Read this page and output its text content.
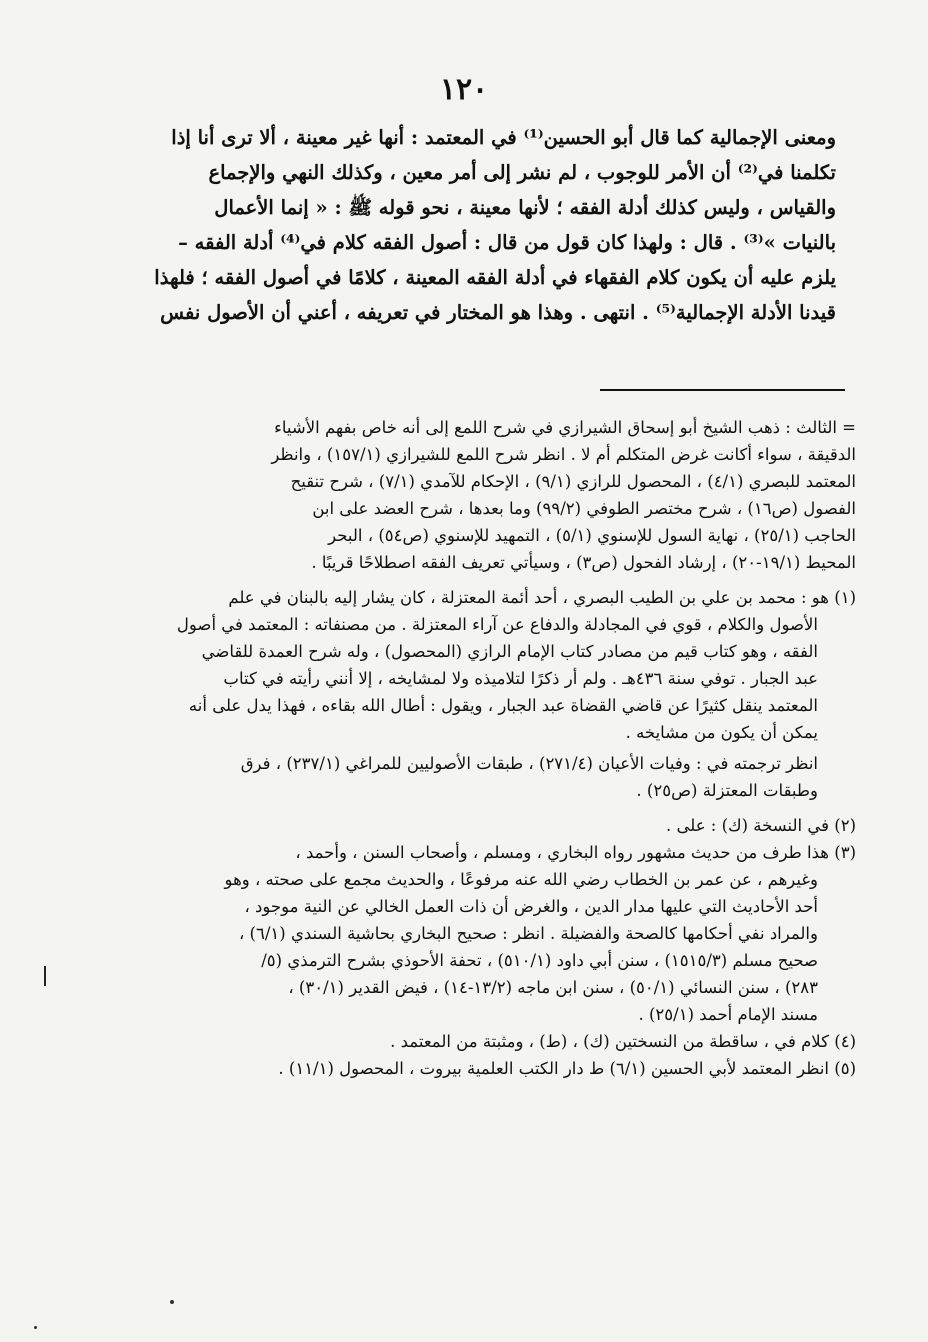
١٢٠
ومعنى الإجمالية كما قال أبو الحسين⁽¹⁾ في المعتمد : أنها غير معينة ، ألا ترى أنا إذا
تكلمنا في⁽²⁾ أن الأمر للوجوب ، لم نشر إلى أمر معين ، وكذلك النهي والإجماع
والقياس ، وليس كذلك أدلة الفقه ؛ لأنها معينة ، نحو قوله ﷺ : « إنما الأعمال
بالنيات »⁽³⁾ . قال : ولهذا كان قول من قال : أصول الفقه كلام في⁽⁴⁾ أدلة الفقه –
يلزم عليه أن يكون كلام الفقهاء في أدلة الفقه المعينة ، كلامًا في أصول الفقه ؛ فلهذا
قيدنا الأدلة الإجمالية⁽⁵⁾ . انتهى . وهذا هو المختار في تعريفه ، أعني أن الأصول نفس
= الثالث : ذهب الشيخ أبو إسحاق الشيرازي في شرح اللمع إلى أنه خاص بفهم الأشياء
الدقيقة ، سواء أكانت غرض المتكلم أم لا . انظر شرح اللمع للشيرازي (١٥٧/١) ، وانظر
المعتمد للبصري (٤/١) ، المحصول للرازي (٩/١) ، الإحكام للآمدي (٧/١) ، شرح تنقيح
الفصول (ص١٦) ، شرح مختصر الطوفي (٩٩/٢) وما بعدها ، شرح العضد على ابن
الحاجب (٢٥/١) ، نهاية السول للإسنوي (٥/١) ، التمهيد للإسنوي (ص٥٤) ، البحر
المحيط (١٩/١-٢٠) ، إرشاد الفحول (ص٣) ، وسيأتي تعريف الفقه اصطلاحًا قريبًا .
(١) هو : محمد بن علي بن الطيب البصري ، أحد أئمة المعتزلة ، كان يشار إليه بالبنان في علم
الأصول والكلام ، قوي في المجادلة والدفاع عن آراء المعتزلة . من مصنفاته : المعتمد في أصول
الفقه ، وهو كتاب قيم من مصادر كتاب الإمام الرازي (المحصول) ، وله شرح العمدة للقاضي
عبد الجبار . توفي سنة ٤٣٦هـ . ولم أر ذكرًا لتلاميذه ولا لمشايخه ، إلا أنني رأيته في كتاب
المعتمد ينقل كثيرًا عن قاضي القضاة عبد الجبار ، ويقول : أطال الله بقاءه ، فهذا يدل على أنه
يمكن أن يكون من مشايخه .
انظر ترجمته في : وفيات الأعيان (٢٧١/٤) ، طبقات الأصوليين للمراغي (٢٣٧/١) ، فرق
وطبقات المعتزلة (ص٢٥) .
(٢) في النسخة (ك) : على .
(٣) هذا طرف من حديث مشهور رواه البخاري ، ومسلم ، وأصحاب السنن ، وأحمد ،
وغيرهم ، عن عمر بن الخطاب رضي الله عنه مرفوعًا ، والحديث مجمع على صحته ، وهو
أحد الأحاديث التي عليها مدار الدين ، والغرض أن ذات العمل الخالي عن النية موجود ،
والمراد نفي أحكامها كالصحة والفضيلة . انظر : صحيح البخاري بحاشية السندي (٦/١) ،
صحيح مسلم (١٥١٥/٣) ، سنن أبي داود (٥١٠/١) ، تحفة الأحوذي بشرح الترمذي (٥/
٢٨٣) ، سنن النسائي (٥٠/١) ، سنن ابن ماجه (١٣/٢-١٤) ، فيض القدير (٣٠/١) ،
مسند الإمام أحمد (٢٥/١) .
(٤) كلام في ، ساقطة من النسختين (ك) ، (ط) ، ومثبتة من المعتمد .
(٥) انظر المعتمد لأبي الحسين (٦/١) ط دار الكتب العلمية بيروت ، المحصول (١١/١) .
